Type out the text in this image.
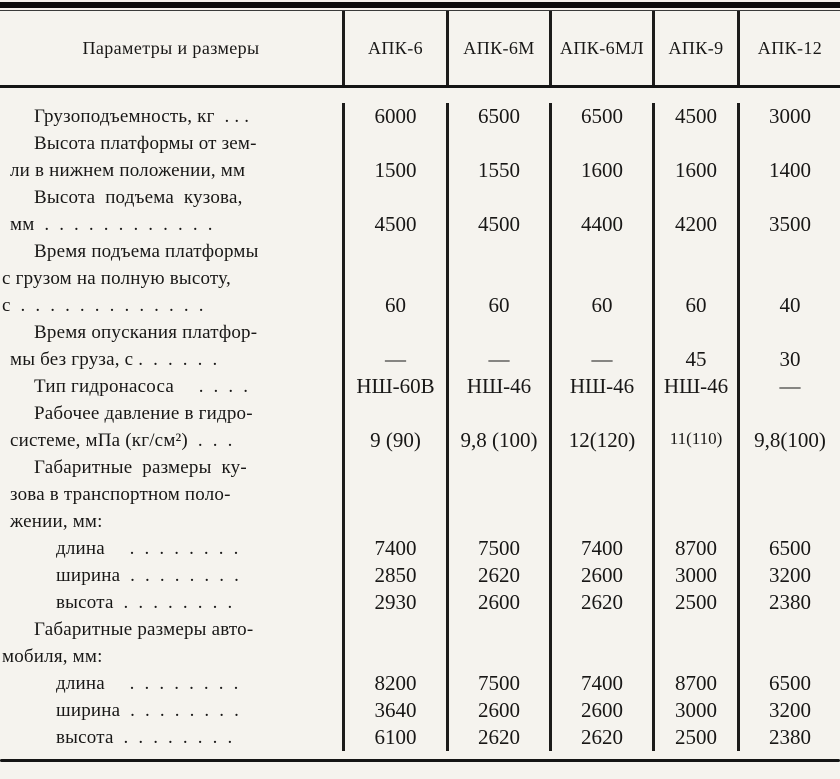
Параметры и размеры	АПК-6	АПК-6М	АПК-6МЛ	АПК-9	АПК-12
Грузоподъемность, кг  . . .	6000	6500	6500	4500	3000
Высота платформы от зем-
ли в нижнем положении, мм	1500	1550	1600	1600	1400
Высота  подъема  кузова,
мм  .  .  .  .  .  .  .  .  .  .  .  .	4500	4500	4400	4200	3500
Время подъема платформы
с грузом на полную высоту,
с  .  .  .  .  .  .  .  .  .  .  .  .  .	60	60	60	60	40
Время опускания платфор-
мы без груза, с .  .  .  .  .  .	—	—	—	45	30
Тип гидронасоса     .  .  .  .	НШ-60В	НШ-46	НШ-46	НШ-46	—
Рабочее давление в гидро-
системе, мПа (кг/см²)  .  .  .	9 (90)	9,8 (100)	12(120)	11(110)	9,8(100)
Габаритные  размеры  ку-
зова в транспортном поло-
жении, мм:
длина     .  .  .  .  .  .  .  .	7400	7500	7400	8700	6500
ширина  .  .  .  .  .  .  .  .	2850	2620	2600	3000	3200
высота  .  .  .  .  .  .  .  .	2930	2600	2620	2500	2380
Габаритные размеры авто-
мобиля, мм:
длина     .  .  .  .  .  .  .  .	8200	7500	7400	8700	6500
ширина  .  .  .  .  .  .  .  .	3640	2600	2600	3000	3200
высота  .  .  .  .  .  .  .  .	6100	2620	2620	2500	2380
